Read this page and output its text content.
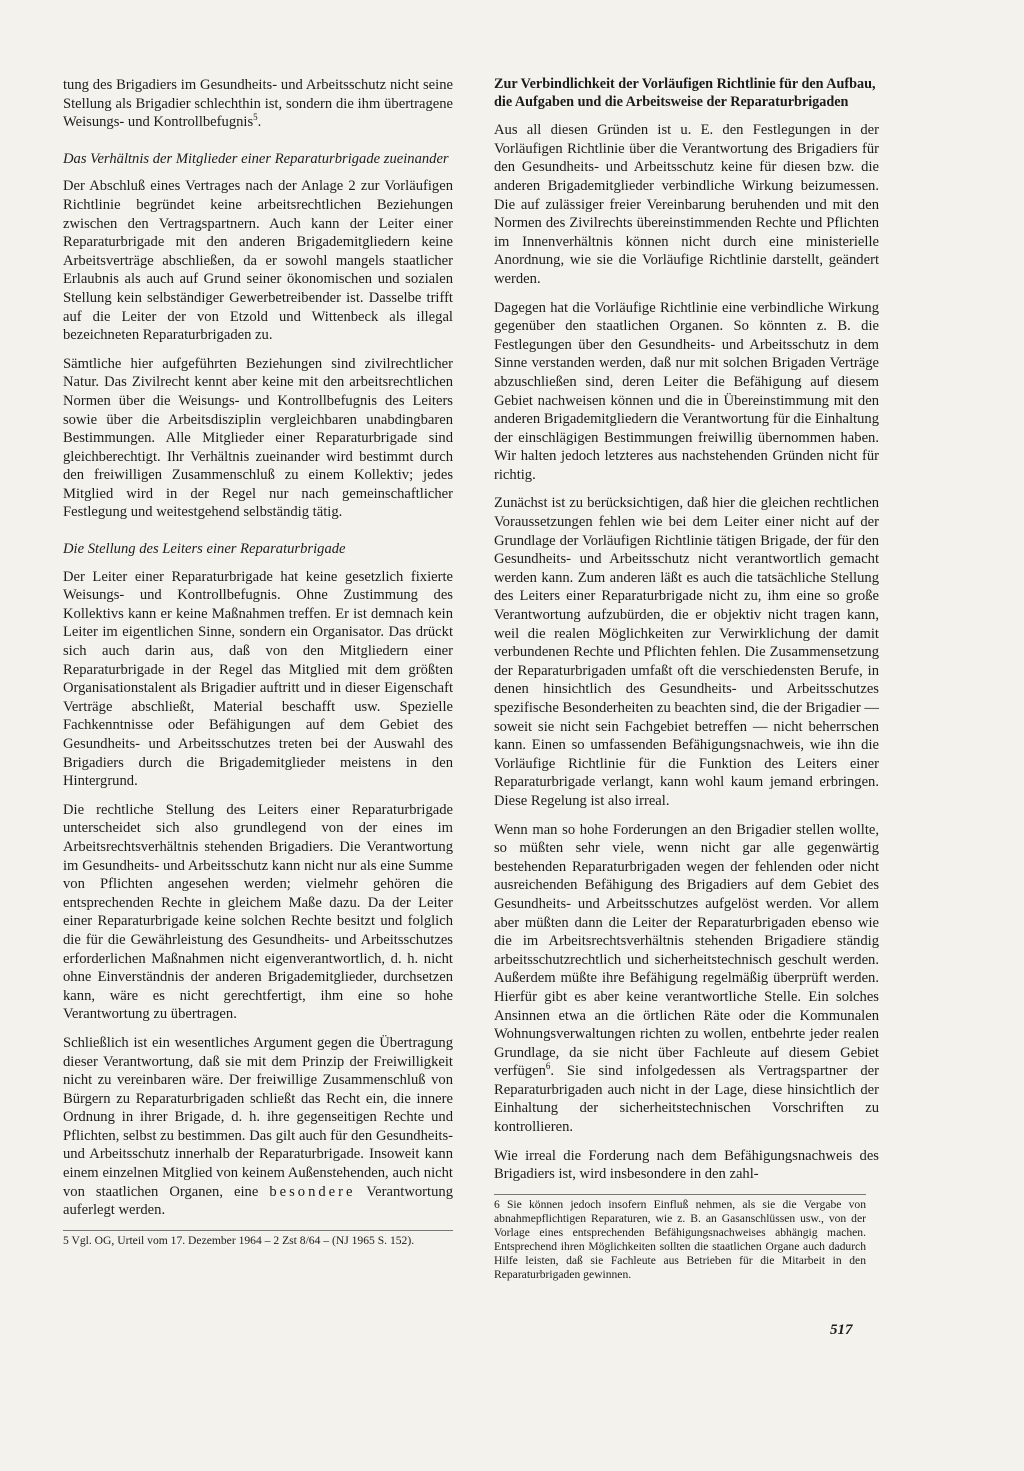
tung des Brigadiers im Gesundheits- und Arbeitsschutz nicht seine Stellung als Brigadier schlechthin ist, sondern die ihm übertragene Weisungs- und Kontrollbefugnis$^5$.

Das Verhältnis der Mitglieder einer Reparaturbrigade zueinander

Der Abschluß eines Vertrages nach der Anlage 2 zur Vorläufigen Richtlinie begründet keine arbeitsrechtlichen Beziehungen zwischen den Vertragspartnern. Auch kann der Leiter einer Reparaturbrigade mit den anderen Brigademitgliedern keine Arbeitsverträge abschließen, da er sowohl mangels staatlicher Erlaubnis als auch auf Grund seiner ökonomischen und sozialen Stellung kein selbständiger Gewerbetreibender ist. Dasselbe trifft auf die Leiter der von Etzold und Wittenbeck als illegal bezeichneten Reparaturbrigaden zu.

Sämtliche hier aufgeführten Beziehungen sind zivilrechtlicher Natur. Das Zivilrecht kennt aber keine mit den arbeitsrechtlichen Normen über die Weisungs- und Kontrollbefugnis des Leiters sowie über die Arbeitsdisziplin vergleichbaren unabdingbaren Bestimmungen. Alle Mitglieder einer Reparaturbrigade sind gleichberechtigt. Ihr Verhältnis zueinander wird bestimmt durch den freiwilligen Zusammenschluß zu einem Kollektiv; jedes Mitglied wird in der Regel nur nach gemeinschaftlicher Festlegung und weitestgehend selbständig tätig.

Die Stellung des Leiters einer Reparaturbrigade

Der Leiter einer Reparaturbrigade hat keine gesetzlich fixierte Weisungs- und Kontrollbefugnis. Ohne Zustimmung des Kollektivs kann er keine Maßnahmen treffen. Er ist demnach kein Leiter im eigentlichen Sinne, sondern ein Organisator. Das drückt sich auch darin aus, daß von den Mitgliedern einer Reparaturbrigade in der Regel das Mitglied mit dem größten Organisationstalent als Brigadier auftritt und in dieser Eigenschaft Verträge abschließt, Material beschafft usw. Spezielle Fachkenntnisse oder Befähigungen auf dem Gebiet des Gesundheits- und Arbeitsschutzes treten bei der Auswahl des Brigadiers durch die Brigademitglieder meistens in den Hintergrund.

Die rechtliche Stellung des Leiters einer Reparaturbrigade unterscheidet sich also grundlegend von der eines im Arbeitsrechtsverhältnis stehenden Brigadiers. Die Verantwortung im Gesundheits- und Arbeitsschutz kann nicht nur als eine Summe von Pflichten angesehen werden; vielmehr gehören die entsprechenden Rechte in gleichem Maße dazu. Da der Leiter einer Reparaturbrigade keine solchen Rechte besitzt und folglich die für die Gewährleistung des Gesundheits- und Arbeitsschutzes erforderlichen Maßnahmen nicht eigenverantwortlich, d. h. nicht ohne Einverständnis der anderen Brigademitglieder, durchsetzen kann, wäre es nicht gerechtfertigt, ihm eine so hohe Verantwortung zu übertragen.

Schließlich ist ein wesentliches Argument gegen die Übertragung dieser Verantwortung, daß sie mit dem Prinzip der Freiwilligkeit nicht zu vereinbaren wäre. Der freiwillige Zusammenschluß von Bürgern zu Reparaturbrigaden schließt das Recht ein, die innere Ordnung in ihrer Brigade, d. h. ihre gegenseitigen Rechte und Pflichten, selbst zu bestimmen. Das gilt auch für den Gesundheits- und Arbeitsschutz innerhalb der Reparaturbrigade. Insoweit kann einem einzelnen Mitglied von keinem Außenstehenden, auch nicht von staatlichen Organen, eine besondere Verantwortung auferlegt werden.

5 Vgl. OG, Urteil vom 17. Dezember 1964 – 2 Zst 8/64 – (NJ 1965 S. 152).
Zur Verbindlichkeit der Vorläufigen Richtlinie für den Aufbau, die Aufgaben und die Arbeitsweise der Reparaturbrigaden

Aus all diesen Gründen ist u. E. den Festlegungen in der Vorläufigen Richtlinie über die Verantwortung des Brigadiers für den Gesundheits- und Arbeitsschutz keine für diesen bzw. die anderen Brigademitglieder verbindliche Wirkung beizumessen. Die auf zulässiger freier Vereinbarung beruhenden und mit den Normen des Zivilrechts übereinstimmenden Rechte und Pflichten im Innenverhältnis können nicht durch eine ministerielle Anordnung, wie sie die Vorläufige Richtlinie darstellt, geändert werden.

Dagegen hat die Vorläufige Richtlinie eine verbindliche Wirkung gegenüber den staatlichen Organen. So könnten z. B. die Festlegungen über den Gesundheits- und Arbeitsschutz in dem Sinne verstanden werden, daß nur mit solchen Brigaden Verträge abzuschließen sind, deren Leiter die Befähigung auf diesem Gebiet nachweisen können und die in Übereinstimmung mit den anderen Brigademitgliedern die Verantwortung für die Einhaltung der einschlägigen Bestimmungen freiwillig übernommen haben. Wir halten jedoch letzteres aus nachstehenden Gründen nicht für richtig.

Zunächst ist zu berücksichtigen, daß hier die gleichen rechtlichen Voraussetzungen fehlen wie bei dem Leiter einer nicht auf der Grundlage der Vorläufigen Richtlinie tätigen Brigade, der für den Gesundheits- und Arbeitsschutz nicht verantwortlich gemacht werden kann. Zum anderen läßt es auch die tatsächliche Stellung des Leiters einer Reparaturbrigade nicht zu, ihm eine so große Verantwortung aufzubürden, die er objektiv nicht tragen kann, weil die realen Möglichkeiten zur Verwirklichung der damit verbundenen Rechte und Pflichten fehlen. Die Zusammensetzung der Reparaturbrigaden umfaßt oft die verschiedensten Berufe, in denen hinsichtlich des Gesundheits- und Arbeitsschutzes spezifische Besonderheiten zu beachten sind, die der Brigadier — soweit sie nicht sein Fachgebiet betreffen — nicht beherrschen kann. Einen so umfassenden Befähigungsnachweis, wie ihn die Vorläufige Richtlinie für die Funktion des Leiters einer Reparaturbrigade verlangt, kann wohl kaum jemand erbringen. Diese Regelung ist also irreal.

Wenn man so hohe Forderungen an den Brigadier stellen wollte, so müßten sehr viele, wenn nicht gar alle gegenwärtig bestehenden Reparaturbrigaden wegen der fehlenden oder nicht ausreichenden Befähigung des Brigadiers auf dem Gebiet des Gesundheits- und Arbeitsschutzes aufgelöst werden. Vor allem aber müßten dann die Leiter der Reparaturbrigaden ebenso wie die im Arbeitsrechtsverhältnis stehenden Brigadiere ständig arbeitsschutzrechtlich und sicherheitstechnisch geschult werden. Außerdem müßte ihre Befähigung regelmäßig überprüft werden. Hierfür gibt es aber keine verantwortliche Stelle. Ein solches Ansinnen etwa an die örtlichen Räte oder die Kommunalen Wohnungsverwaltungen richten zu wollen, entbehrte jeder realen Grundlage, da sie nicht über Fachleute auf diesem Gebiet verfügen$^6$. Sie sind infolgedessen als Vertragspartner der Reparaturbrigaden auch nicht in der Lage, diese hinsichtlich der Einhaltung der sicherheitstechnischen Vorschriften zu kontrollieren.

Wie irreal die Forderung nach dem Befähigungsnachweis des Brigadiers ist, wird insbesondere in den zahl-

6 Sie können jedoch insofern Einfluß nehmen, als sie die Vergabe von abnahmepflichtigen Reparaturen, wie z. B. an Gasanschlüssen usw., von der Vorlage eines entsprechenden Befähigungsnachweises abhängig machen. Entsprechend ihren Möglichkeiten sollten die staatlichen Organe auch dadurch Hilfe leisten, daß sie Fachleute aus Betrieben für die Mitarbeit in den Reparaturbrigaden gewinnen.
517
